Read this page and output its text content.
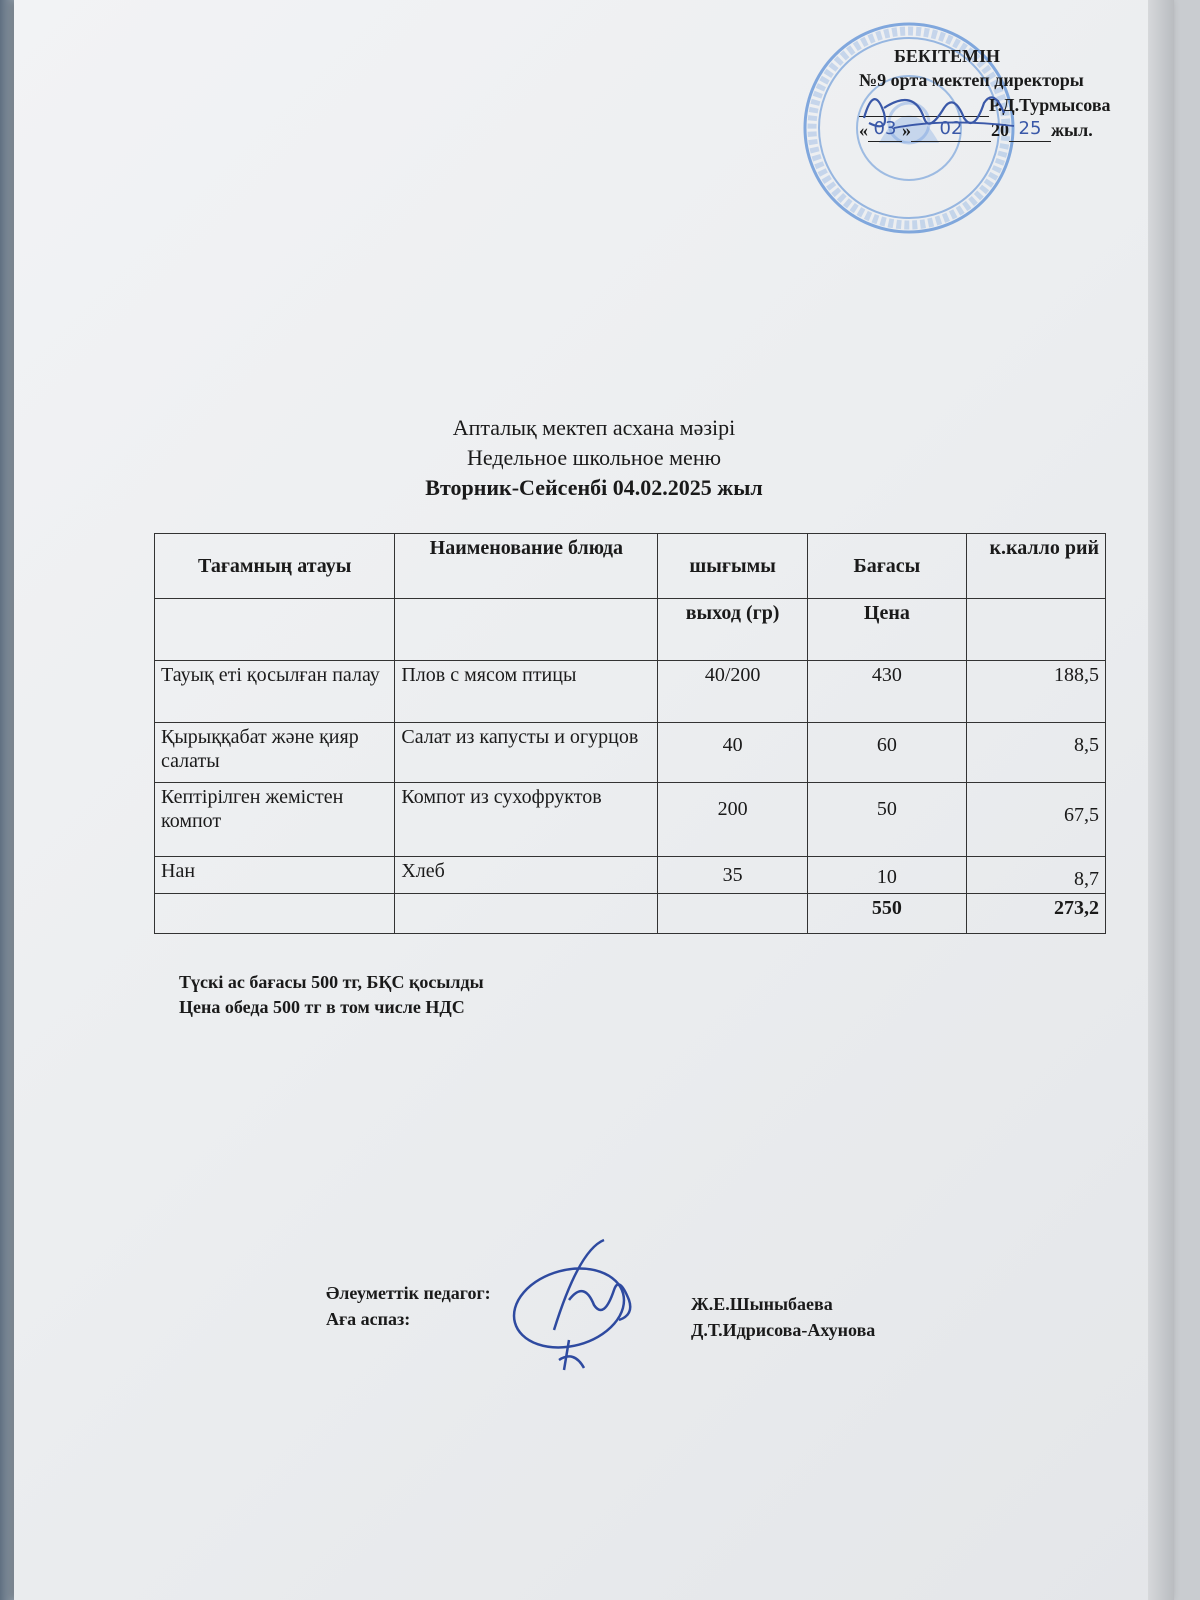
БЕКІТЕМІН
№9 орта мектеп директоры
Р.Д.Турмысова
« 03 » 02 20 25 жыл.
Апталық мектеп асхана мәзірі
Недельное школьное меню
Вторник-Сейсенбі 04.02.2025 жыл
Тағамның атауы	Наименование блюда	шығымы	Бағасы	к.калло рий
		выход (гр)	Цена	
Тауық еті қосылған палау	Плов с мясом птицы	40/200	430	188,5
Қырыққабат және қияр салаты	Салат из капусты и огурцов	40	60	8,5
Кептірілген жемістен компот	Компот из сухофруктов	200	50	67,5
Нан	Хлеб	35	10	8,7
			550	273,2
Түскі ас бағасы 500 тг, БҚС қосылды
Цена обеда 500 тг в том числе НДС
Әлеуметтік педагог:
Аға аспаз:
Ж.Е.Шыныбаева
Д.Т.Идрисова-Ахунова
